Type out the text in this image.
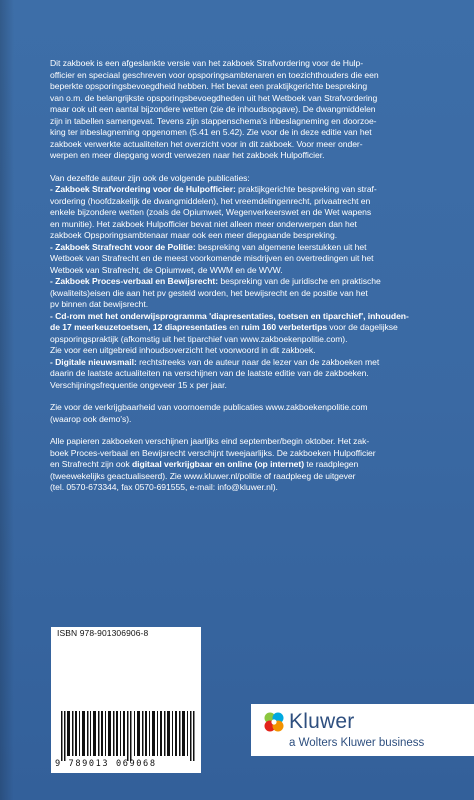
Dit zakboek is een afgeslankte versie van het zakboek Strafvordering voor de Hulp-

officier en speciaal geschreven voor opsporingsambtenaren en toezichthouders die een

beperkte opsporingsbevoegdheid hebben. Het bevat een praktijkgerichte bespreking

van o.m. de belangrijkste opsporingsbevoegdheden uit het Wetboek van Strafvordering

maar ook uit een aantal bijzondere wetten (zie de inhoudsopgave). De dwangmiddelen

zijn in tabellen samengevat. Tevens zijn stappenschema's inbeslagneming en doorzoe-

king ter inbeslagneming opgenomen (5.41 en 5.42). Zie voor de in deze editie van het

zakboek verwerkte actualiteiten het overzicht voor in dit zakboek. Voor meer onder-

werpen en meer diepgang wordt verwezen naar het zakboek Hulpofficier.

Van dezelfde auteur zijn ook de volgende publicaties:

- Zakboek Strafvordering voor de Hulpofficier: praktijkgerichte bespreking van straf-

vordering (hoofdzakelijk de dwangmiddelen), het vreemdelingenrecht, privaatrecht en

enkele bijzondere wetten (zoals de Opiumwet, Wegenverkeerswet en de Wet wapens

en munitie). Het zakboek Hulpofficier bevat niet alleen meer onderwerpen dan het

zakboek Opsporingsambtenaar maar ook een meer diepgaande bespreking.

- Zakboek Strafrecht voor de Politie: bespreking van algemene leerstukken uit het

Wetboek van Strafrecht en de meest voorkomende misdrijven en overtredingen uit het

Wetboek van Strafrecht, de Opiumwet, de WWM en de WVW.

- Zakboek Proces-verbaal en Bewijsrecht: bespreking van de juridische en praktische

(kwaliteits)eisen die aan het pv gesteld worden, het bewijsrecht en de positie van het

pv binnen dat bewijsrecht.

- Cd-rom met het onderwijsprogramma 'diapresentaties, toetsen en tiparchief', inhouden-

de 17 meerkeuzetoetsen, 12 diapresentaties en ruim 160 verbetertips voor de dagelijkse

opsporingspraktijk (afkomstig uit het tiparchief van www.zakboekenpolitie.com).

Zie voor een uitgebreid inhoudsoverzicht het voorwoord in dit zakboek.

- Digitale nieuwsmail: rechtstreeks van de auteur naar de lezer van de zakboeken met

daarin de laatste actualiteiten na verschijnen van de laatste editie van de zakboeken.

Verschijningsfrequentie ongeveer 15 x per jaar.

Zie voor de verkrijgbaarheid van voornoemde publicaties www.zakboekenpolitie.com

(waarop ook demo's).

Alle papieren zakboeken verschijnen jaarlijks eind september/begin oktober. Het zak-

boek Proces-verbaal en Bewijsrecht verschijnt tweejaarlijks. De zakboeken Hulpofficier

en Strafrecht zijn ook digitaal verkrijgbaar en online (op internet) te raadplegen

(tweewekelijks geactualiseerd). Zie www.kluwer.nl/politie of raadpleeg de uitgever

(tel. 0570-673344, fax 0570-691555, e-mail: info@kluwer.nl).

ISBN 978-901306906-8
9 789013 069068
Kluwer
a Wolters Kluwer business
